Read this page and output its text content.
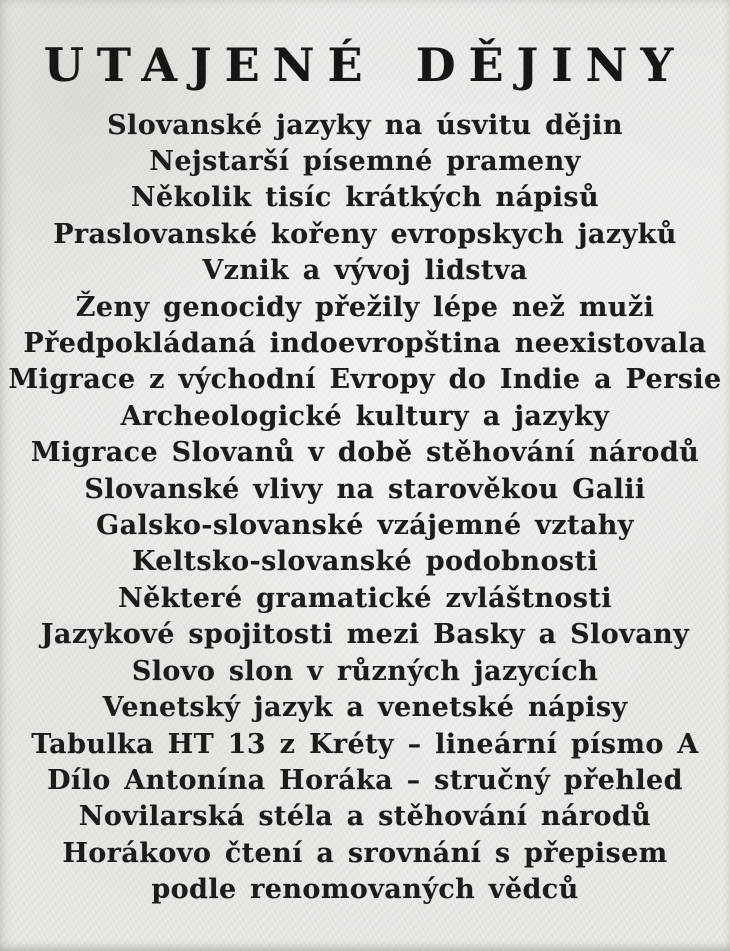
UTAJENÉ DĚJINY
Slovanské jazyky na úsvitu dějin
Nejstarší písemné prameny
Několik tisíc krátkých nápisů
Praslovanské kořeny evropskych jazyků
Vznik a vývoj lidstva
Ženy genocidy přežily lépe než muži
Předpokládaná indoevropština neexistovala
Migrace z východní Evropy do Indie a Persie
Archeologické kultury a jazyky
Migrace Slovanů v době stěhování národů
Slovanské vlivy na starověkou Galii
Galsko-slovanské vzájemné vztahy
Keltsko-slovanské podobnosti
Některé gramatické zvláštnosti
Jazykové spojitosti mezi Basky a Slovany
Slovo slon v různých jazycích
Venetský jazyk a venetské nápisy
Tabulka HT 13 z Kréty – lineární písmo A
Dílo Antonína Horáka – stručný přehled
Novilarská stéla a stěhování národů
Horákovo čtení a srovnání s přepisem
podle renomovaných vědců
